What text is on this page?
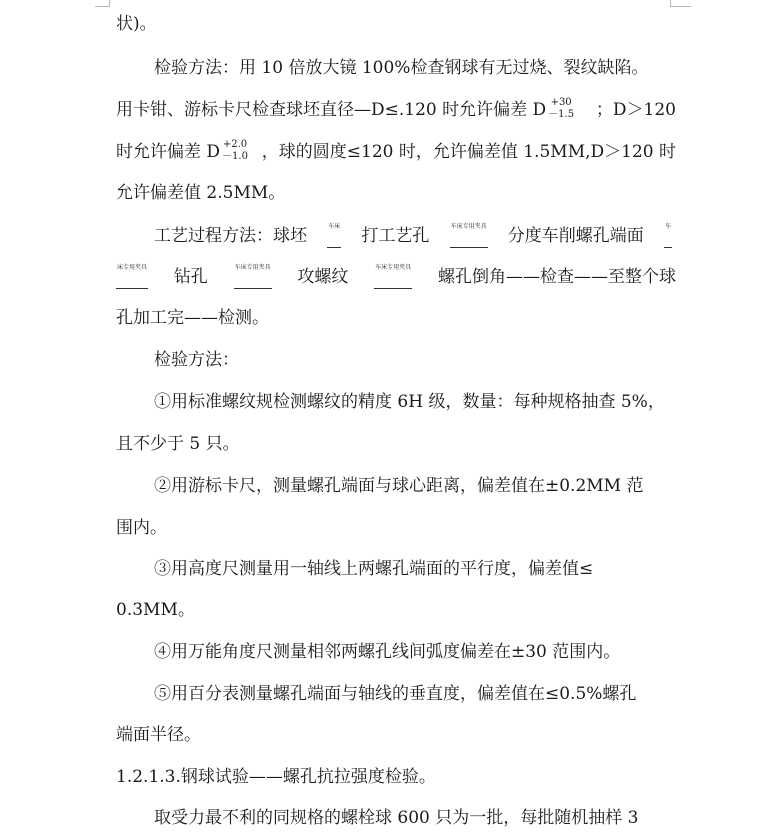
状)。
检验方法：用 10 倍放大镜 100%检查钢球有无过烧、裂纹缺陷。
用卡钳、游标卡尺检查球坯直径—D≤.120 时允许偏差 D +30
－1.5 ；D＞120
时允许偏差 D +2.0
－1.0 ，球的圆度≤120 时，允许偏差值 1.5MM,D＞120 时
允许偏差值 2.5MM。
工艺过程方法：球坯	车床 打工艺孔	车床专用夹具 分度车削螺孔端面	车
床专用夹具 钻孔	车床专用夹具 攻螺纹	车床专用夹具 螺孔倒角——检查——至整个球
孔加工完——检测。
检验方法：
①用标准螺纹规检测螺纹的精度 6H 级，数量：每种规格抽查 5%，
且不少于 5 只。
②用游标卡尺，测量螺孔端面与球心距离，偏差值在±0.2MM 范
围内。
③用高度尺测量用一轴线上两螺孔端面的平行度，偏差值≤
0.3MM。
④用万能角度尺测量相邻两螺孔线间弧度偏差在±30 范围内。
⑤用百分表测量螺孔端面与轴线的垂直度，偏差值在≤0.5%螺孔
端面半径。
1.2.1.3.钢球试验——螺孔抗拉强度检验。
取受力最不利的同规格的螺栓球 600 只为一批，每批随机抽样 3
